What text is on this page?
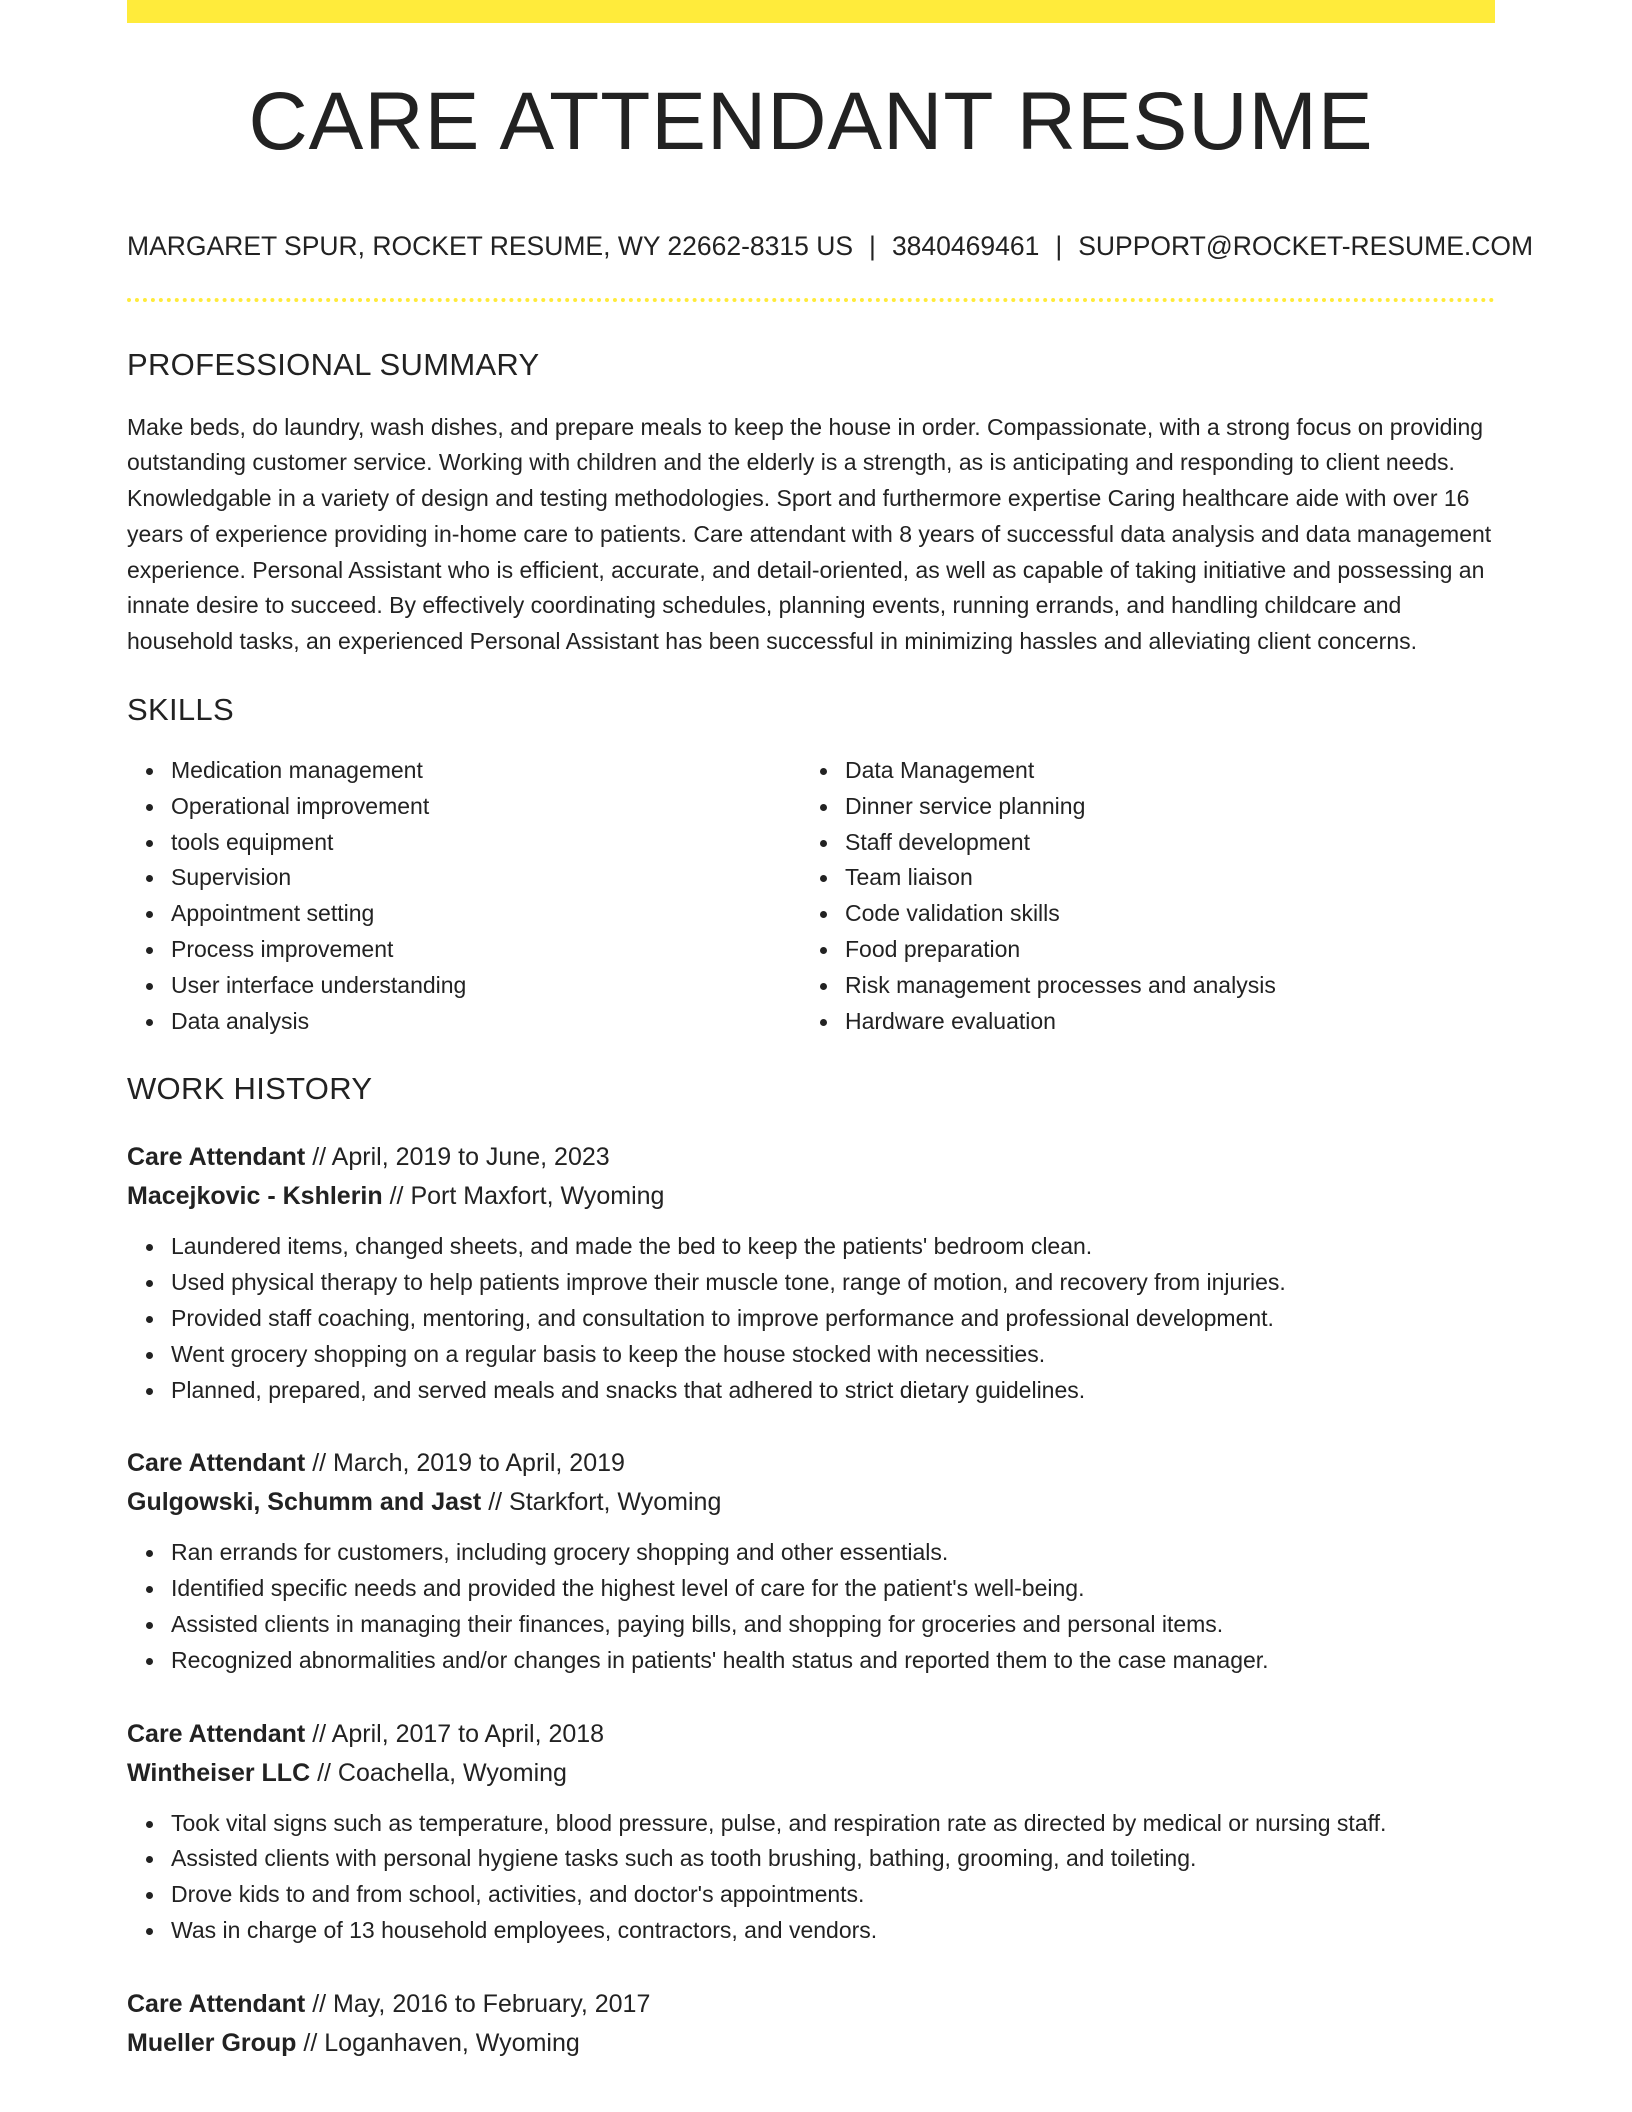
CARE ATTENDANT RESUME
MARGARET SPUR, ROCKET RESUME, WY 22662-8315 US | 3840469461 | SUPPORT@ROCKET-RESUME.COM
PROFESSIONAL SUMMARY

Make beds, do laundry, wash dishes, and prepare meals to keep the house in order. Compassionate, with a strong focus on providing outstanding customer service. Working with children and the elderly is a strength, as is anticipating and responding to client needs. Knowledgable in a variety of design and testing methodologies. Sport and furthermore expertise Caring healthcare aide with over 16 years of experience providing in-home care to patients. Care attendant with 8 years of successful data analysis and data management experience. Personal Assistant who is efficient, accurate, and detail-oriented, as well as capable of taking initiative and possessing an innate desire to succeed. By effectively coordinating schedules, planning events, running errands, and handling childcare and household tasks, an experienced Personal Assistant has been successful in minimizing hassles and alleviating client concerns.

SKILLS
Medication management
Operational improvement
tools equipment
Supervision
Appointment setting
Process improvement
User interface understanding
Data analysis
Data Management
Dinner service planning
Staff development
Team liaison
Code validation skills
Food preparation
Risk management processes and analysis
Hardware evaluation
WORK HISTORY
Care Attendant // April, 2019 to June, 2023
Macejkovic - Kshlerin // Port Maxfort, Wyoming
Laundered items, changed sheets, and made the bed to keep the patients' bedroom clean.
Used physical therapy to help patients improve their muscle tone, range of motion, and recovery from injuries.
Provided staff coaching, mentoring, and consultation to improve performance and professional development.
Went grocery shopping on a regular basis to keep the house stocked with necessities.
Planned, prepared, and served meals and snacks that adhered to strict dietary guidelines.
Care Attendant // March, 2019 to April, 2019
Gulgowski, Schumm and Jast // Starkfort, Wyoming
Ran errands for customers, including grocery shopping and other essentials.
Identified specific needs and provided the highest level of care for the patient's well-being.
Assisted clients in managing their finances, paying bills, and shopping for groceries and personal items.
Recognized abnormalities and/or changes in patients' health status and reported them to the case manager.
Care Attendant // April, 2017 to April, 2018
Wintheiser LLC // Coachella, Wyoming
Took vital signs such as temperature, blood pressure, pulse, and respiration rate as directed by medical or nursing staff.
Assisted clients with personal hygiene tasks such as tooth brushing, bathing, grooming, and toileting.
Drove kids to and from school, activities, and doctor's appointments.
Was in charge of 13 household employees, contractors, and vendors.
Care Attendant // May, 2016 to February, 2017
Mueller Group // Loganhaven, Wyoming
